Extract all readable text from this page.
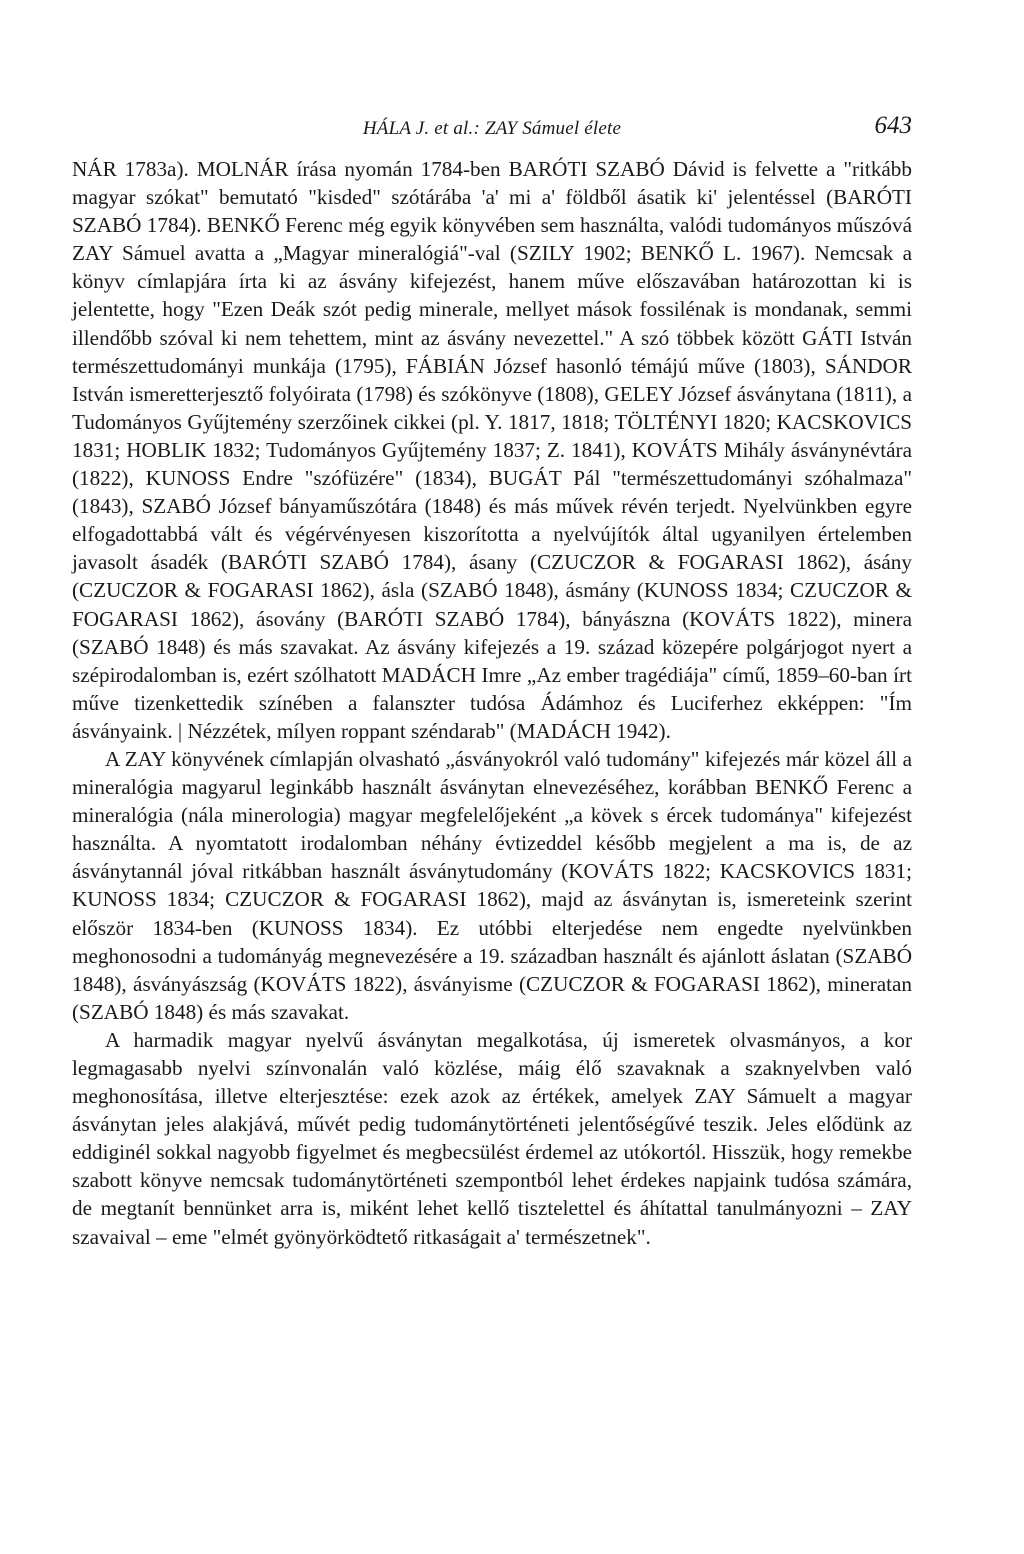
HÁLA J. et al.: ZAY Sámuel élete	643

NÁR 1783a). MOLNÁR írása nyomán 1784-ben BARÓTI SZABÓ Dávid is felvette a "ritkább magyar szókat" bemutató "kisded" szótárába 'a' mi a' földből ásatik ki' jelentéssel (BARÓTI SZABÓ 1784). BENKŐ Ferenc még egyik könyvében sem használta, valódi tudományos műszóvá ZAY Sámuel avatta a „Magyar mineralógiá"-val (SZILY 1902; BENKŐ L. 1967). Nemcsak a könyv címlapjára írta ki az ásvány kifejezést, hanem műve előszavában határozottan ki is jelentette, hogy "Ezen Deák szót pedig minerale, mellyet mások fossilénak is mondanak, semmi illendőbb szóval ki nem tehettem, mint az ásvány nevezettel." A szó többek között GÁTI István természettudományi munkája (1795), FÁBIÁN József hasonló témájú műve (1803), SÁNDOR István ismeretterjesztő folyóirata (1798) és szókönyve (1808), GELEY József ásványtana (1811), a Tudományos Gyűjtemény szerzőinek cikkei (pl. Y. 1817, 1818; TÖLTÉNYI 1820; KACSKOVICS 1831; HOBLIK 1832; Tudományos Gyűjtemény 1837; Z. 1841), KOVÁTS Mihály ásványnévtára (1822), KUNOSS Endre "szófüzére" (1834), BUGÁT Pál "természettudományi szóhalmaza" (1843), SZABÓ József bányaműszótára (1848) és más művek révén terjedt. Nyelvünkben egyre elfogadottabbá vált és végérvényesen kiszorította a nyelvújítók által ugyanilyen értelemben javasolt ásadék (BARÓTI SZABÓ 1784), ásany (CZUCZOR & FOGARASI 1862), ásány (CZUCZOR & FOGARASI 1862), ásla (SZABÓ 1848), ásmány (KUNOSS 1834; CZUCZOR & FOGARASI 1862), ásovány (BARÓTI SZABÓ 1784), bányászna (KOVÁTS 1822), minera (SZABÓ 1848) és más szavakat. Az ásvány kifejezés a 19. század közepére polgárjogot nyert a szépirodalomban is, ezért szólhatott MADÁCH Imre „Az ember tragédiája" című, 1859–60-ban írt műve tizenkettedik színében a falanszter tudósa Ádámhoz és Luciferhez ekképpen: "Ím ásványaink. | Nézzétek, mílyen roppant széndarab" (MADÁCH 1942).

A ZAY könyvének címlapján olvasható „ásványokról való tudomány" kifejezés már közel áll a mineralógia magyarul leginkább használt ásványtan elnevezéséhez, korábban BENKŐ Ferenc a mineralógia (nála minerologia) magyar megfelelőjeként „a kövek s ércek tudománya" kifejezést használta. A nyomtatott irodalomban néhány évtizeddel később megjelent a ma is, de az ásványtannál jóval ritkábban használt ásványtudomány (KOVÁTS 1822; KACSKOVICS 1831; KUNOSS 1834; CZUCZOR & FOGARASI 1862), majd az ásványtan is, ismereteink szerint először 1834-ben (KUNOSS 1834). Ez utóbbi elterjedése nem engedte nyelvünkben meghonosodni a tudományág megnevezésére a 19. században használt és ajánlott áslatan (SZABÓ 1848), ásványászság (KOVÁTS 1822), ásványisme (CZUCZOR & FOGARASI 1862), mineratan (SZABÓ 1848) és más szavakat.

A harmadik magyar nyelvű ásványtan megalkotása, új ismeretek olvasmányos, a kor legmagasabb nyelvi színvonalán való közlése, máig élő szavaknak a szaknyelvben való meghonosítása, illetve elterjesztése: ezek azok az értékek, amelyek ZAY Sámuelt a magyar ásványtan jeles alakjává, művét pedig tudománytörténeti jelentőségűvé teszik. Jeles elődünk az eddiginél sokkal nagyobb figyelmet és megbecsülést érdemel az utókortól. Hisszük, hogy remekbe szabott könyve nemcsak tudománytörténeti szempontból lehet érdekes napjaink tudósa számára, de megtanít bennünket arra is, miként lehet kellő tisztelettel és áhítattal tanulmányozni – ZAY szavaival – eme "elmét gyönyörködtető ritkaságait a' természetnek".
